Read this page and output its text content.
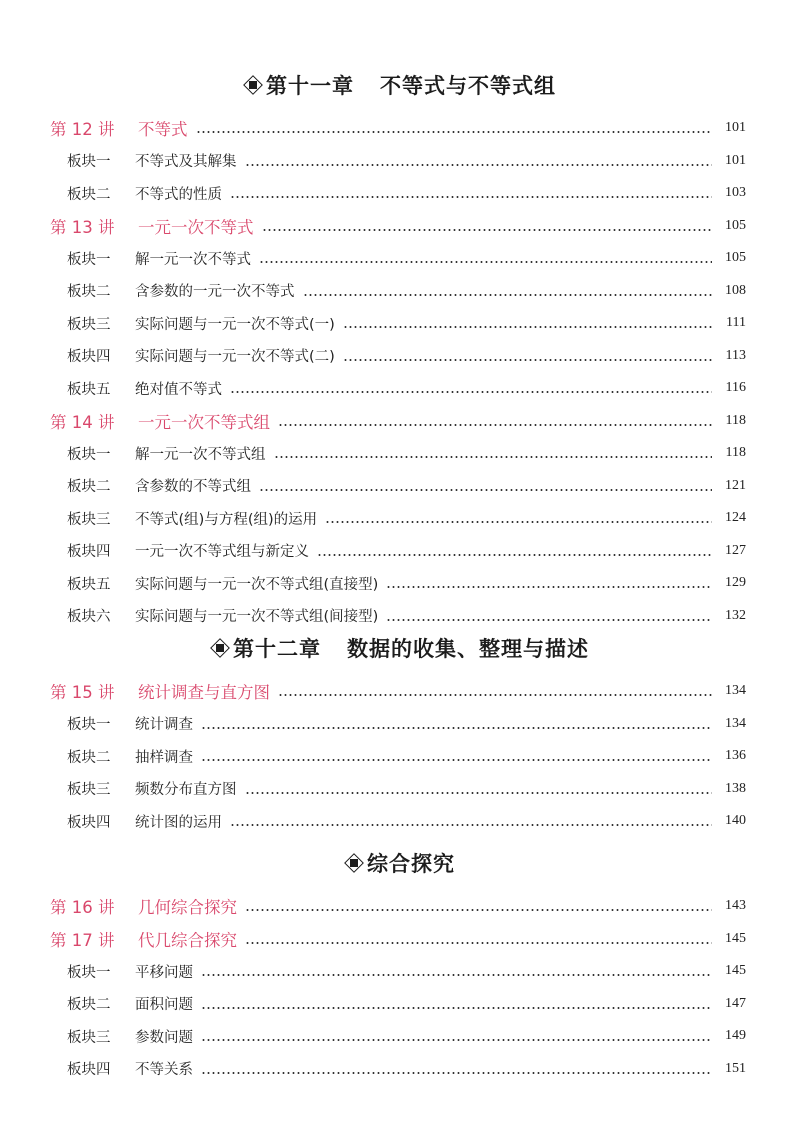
第十一章 不等式与不等式组
第 12 讲	不等式	101
板块一	不等式及其解集	101
板块二	不等式的性质	103
第 13 讲	一元一次不等式	105
板块一	解一元一次不等式	105
板块二	含参数的一元一次不等式	108
板块三	实际问题与一元一次不等式(一)	111
板块四	实际问题与一元一次不等式(二)	113
板块五	绝对值不等式	116
第 14 讲	一元一次不等式组	118
板块一	解一元一次不等式组	118
板块二	含参数的不等式组	121
板块三	不等式(组)与方程(组)的运用	124
板块四	一元一次不等式组与新定义	127
板块五	实际问题与一元一次不等式组(直接型)	129
板块六	实际问题与一元一次不等式组(间接型)	132
第十二章 数据的收集、整理与描述
第 15 讲	统计调查与直方图	134
板块一	统计调查	134
板块二	抽样调查	136
板块三	频数分布直方图	138
板块四	统计图的运用	140
综合探究
第 16 讲	几何综合探究	143
第 17 讲	代几综合探究	145
板块一	平移问题	145
板块二	面积问题	147
板块三	参数问题	149
板块四	不等关系	151
